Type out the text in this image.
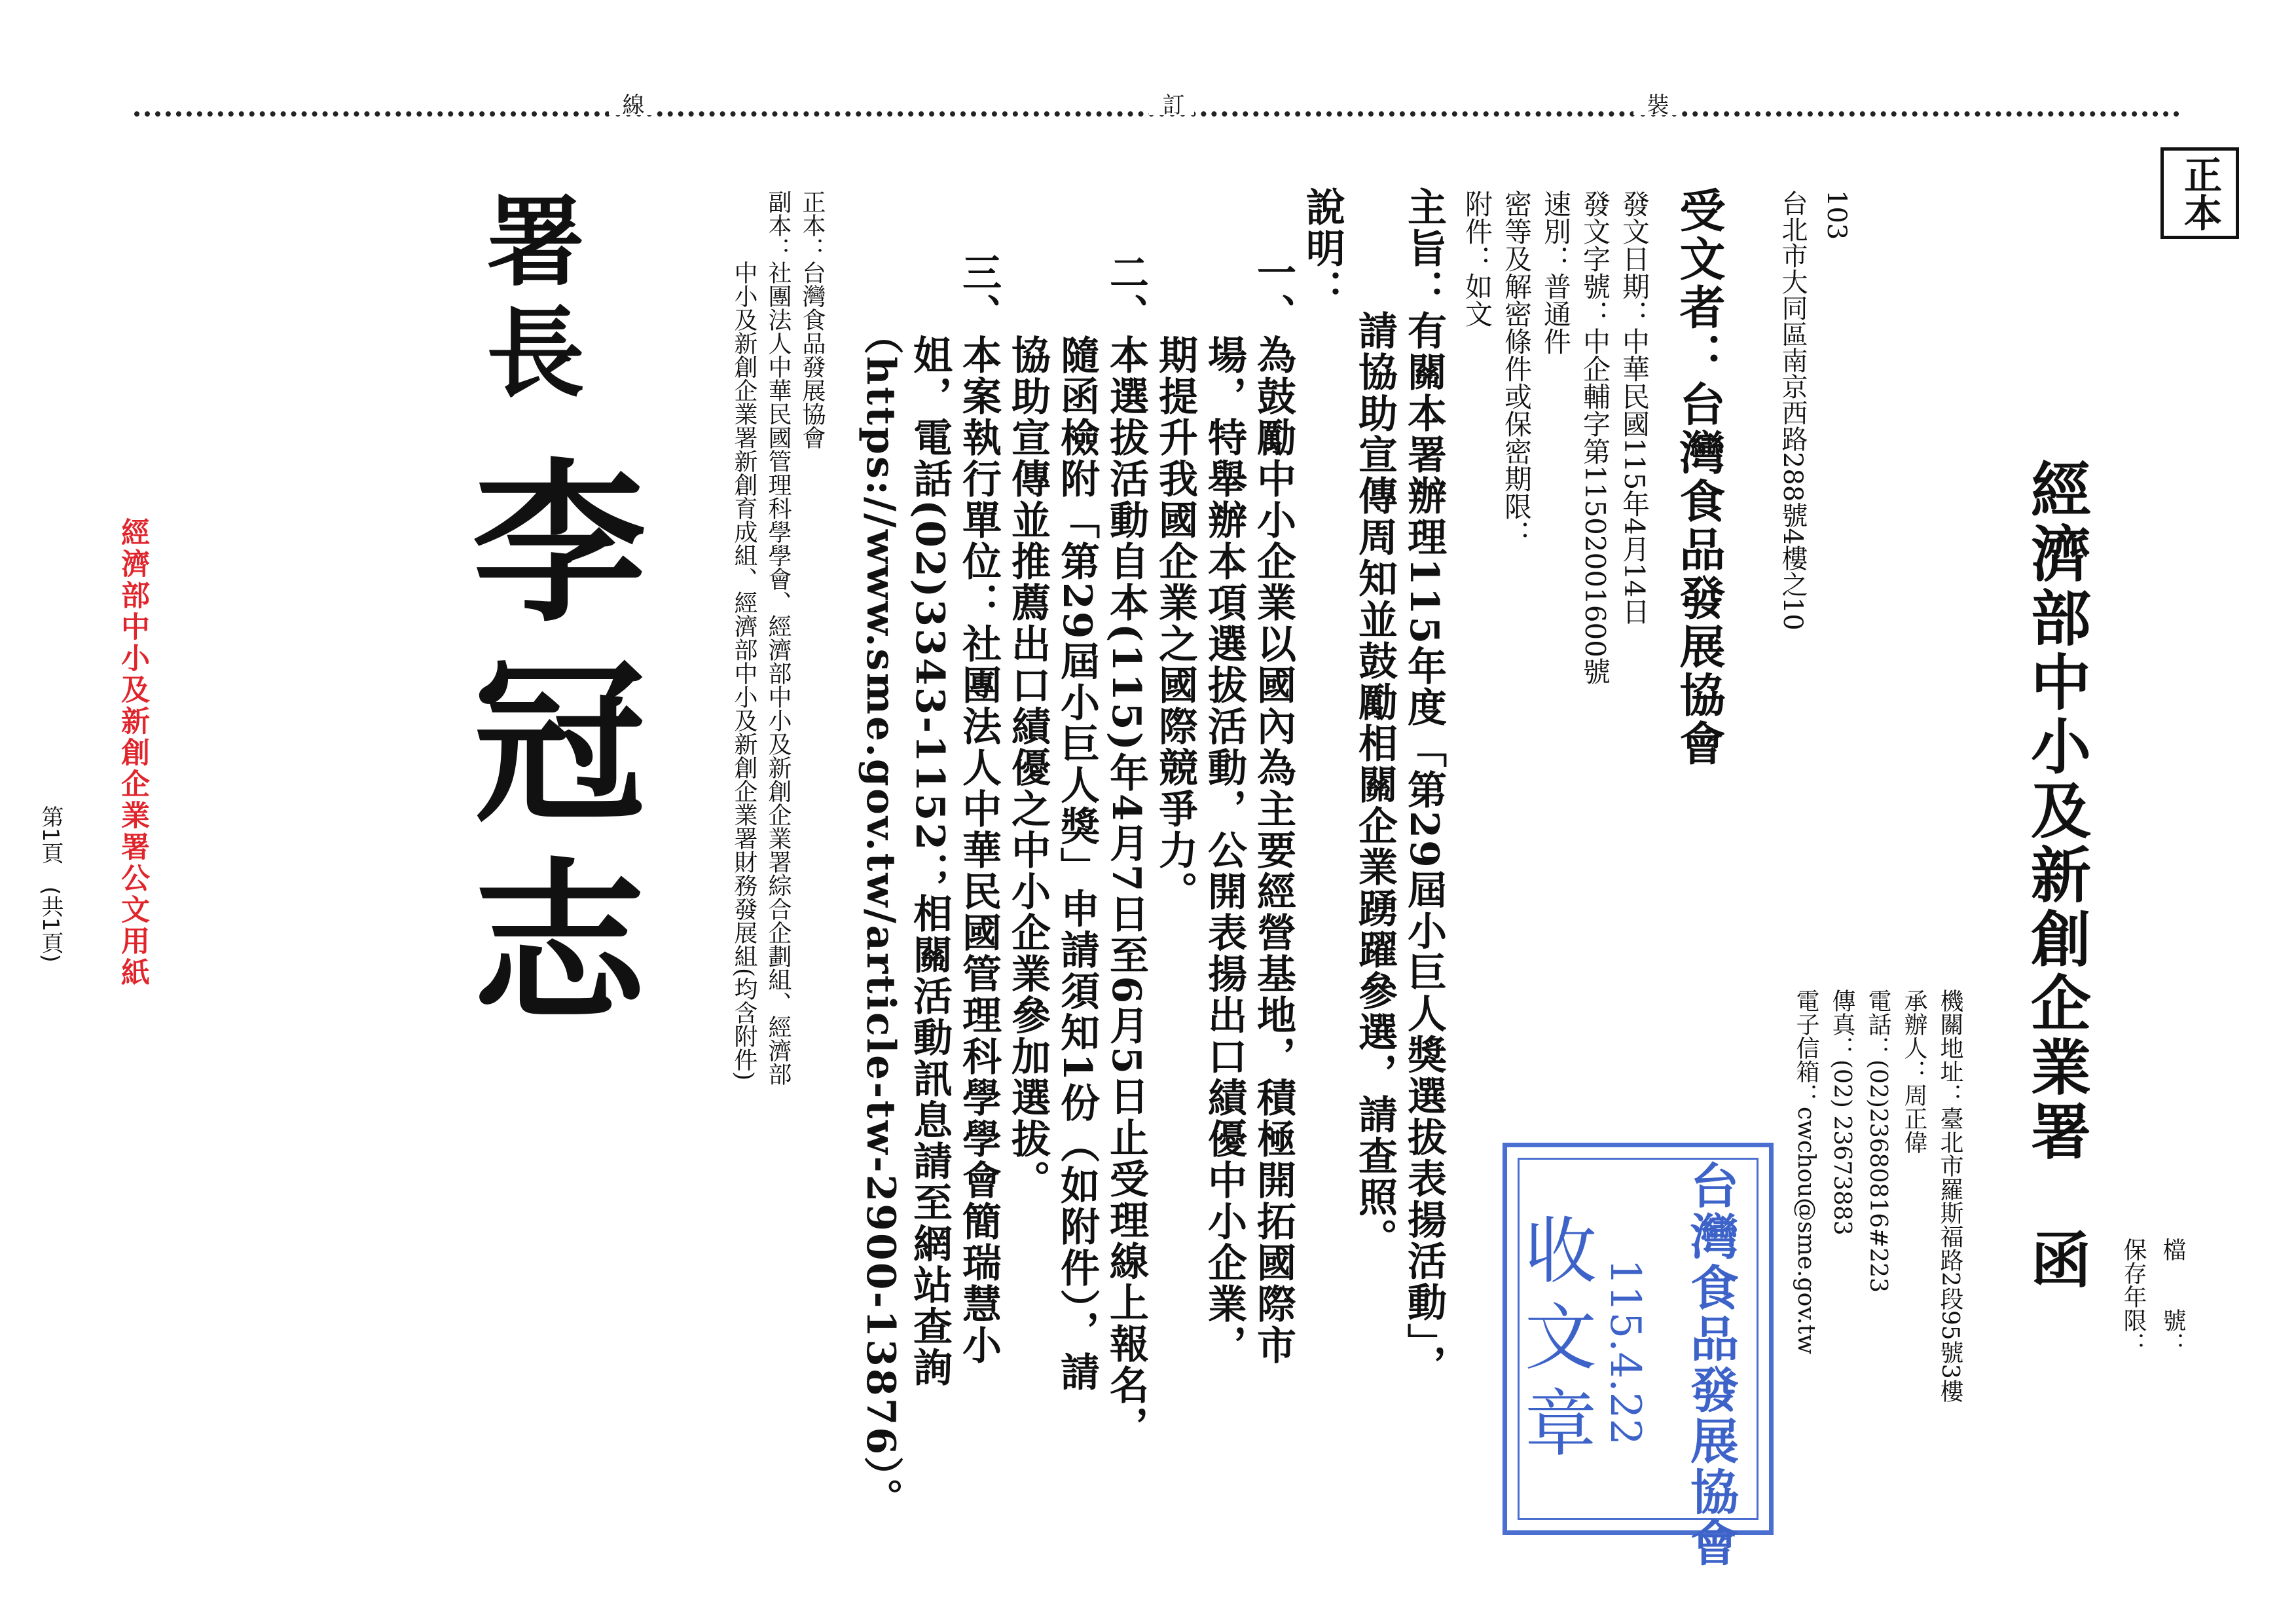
線	訂	裝
正本
檔　　號：
保存年限：
經濟部中小及新創企業署　函
機關地址：臺北市羅斯福路2段95號3樓
承辦人：周正偉
電話：(02)23680816#223
傳真：(02) 23673883
電子信箱：cwchou@sme.gov.tw
103
台北市大同區南京西路288號4樓之10
受文者：台灣食品發展協會
發文日期：中華民國115年4月14日
發文字號：中企輔字第11502001600號
速別：普通件
密等及解密條件或保密期限：
附件：如文
主旨：有關本署辦理115年度「第29屆小巨人獎選拔表揚活動」，
　　　請協助宣傳周知並鼓勵相關企業踴躍參選，請查照。
說明：
一、為鼓勵中小企業以國內為主要經營基地，積極開拓國際市
　　場，特舉辦本項選拔活動，公開表揚出口績優中小企業，
　　期提升我國企業之國際競爭力。
二、本選拔活動自本(115)年4月7日至6月5日止受理線上報名，
　　隨函檢附「第29屆小巨人獎」申請須知1份（如附件），請
　　協助宣傳並推薦出口績優之中小企業參加選拔。
三、本案執行單位：社團法人中華民國管理科學學會簡瑞慧小
　　姐，電話(02)3343-1152；相關活動訊息請至網站查詢
　　（https://www.sme.gov.tw/article-tw-2900-13876）。
正本：台灣食品發展協會
副本：社團法人中華民國管理科學學會、經濟部中小及新創企業署綜合企劃組、經濟部
　　　中小及新創企業署新創育成組、經濟部中小及新創企業署財務發展組(均含附件)
署長
李冠志
台灣食品發展協會
115.4.22
收文章
經濟部中小及新創企業署公文用紙
第1頁　(共1頁)
